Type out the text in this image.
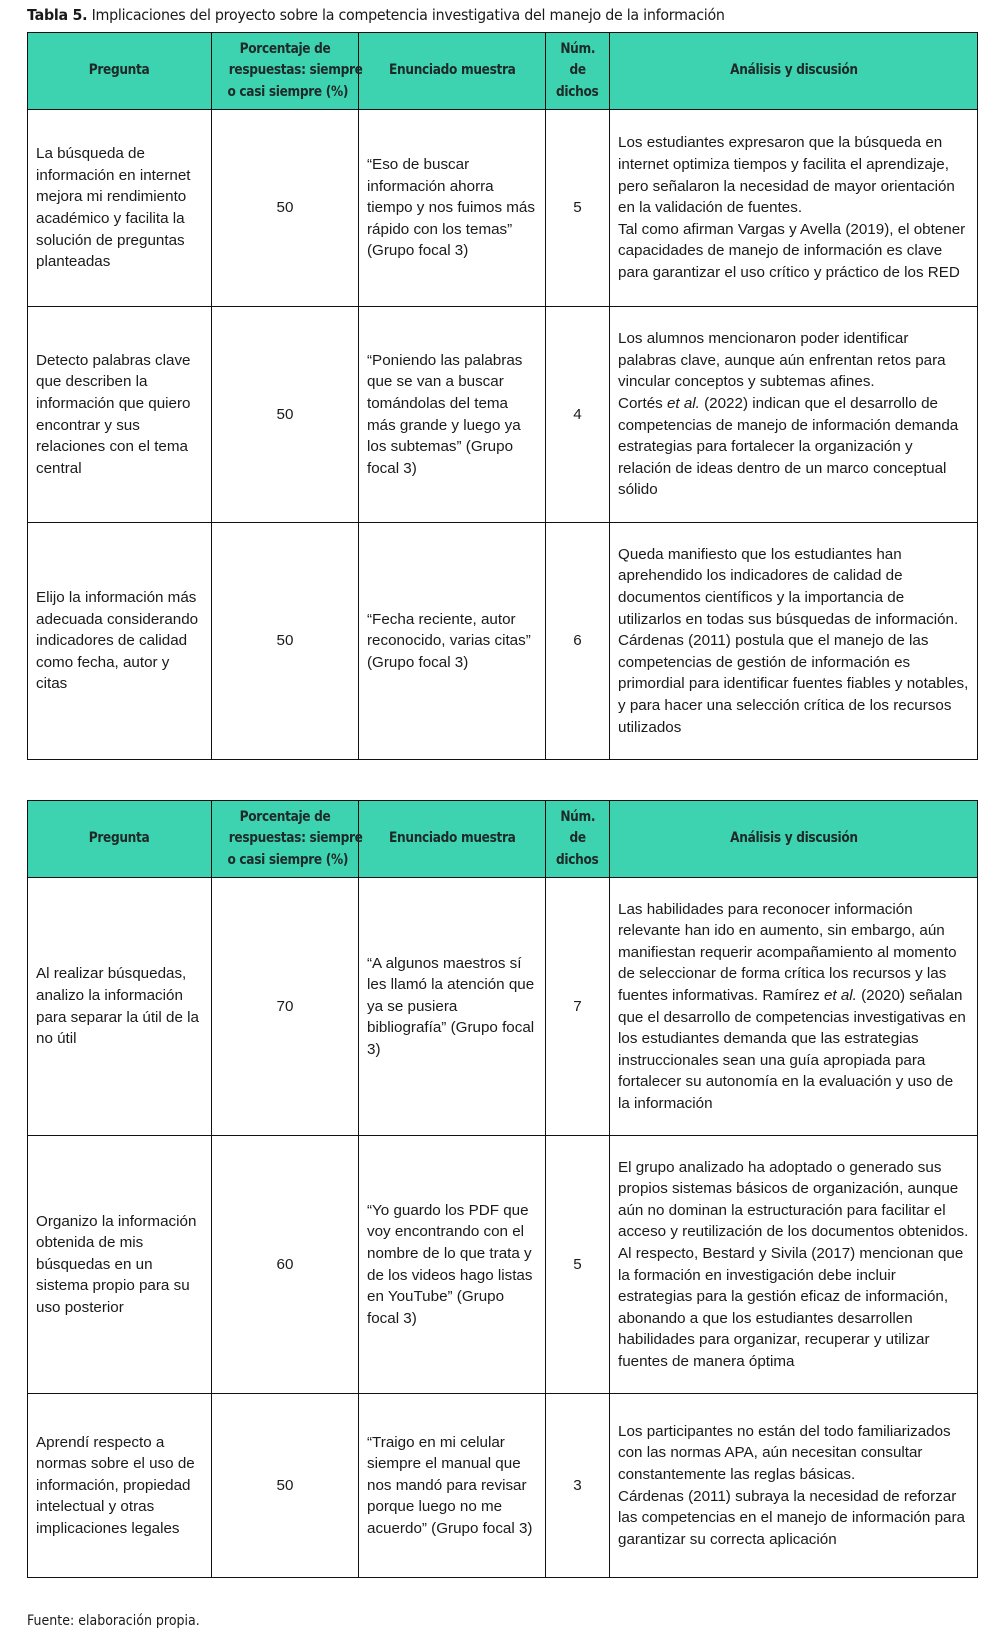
Tabla 5. Implicaciones del proyecto sobre la competencia investigativa del manejo de la información
Pregunta	Porcentaje de
respuestas: siempre
o casi siempre (%)	Enunciado muestra	Núm.
de
dichos	Análisis y discusión
La búsqueda de información en internet mejora mi rendimiento académico y facilita la solución de preguntas planteadas	50	“Eso de buscar información ahorra tiempo y nos fuimos más rápido con los temas” (Grupo focal 3)	5	Los estudiantes expresaron que la búsqueda en internet optimiza tiempos y facilita el aprendizaje, pero señalaron la necesidad de mayor orientación en la validación de fuentes.
Tal como afirman Vargas y Avella (2019), el obtener capacidades de manejo de información es clave para garantizar el uso crítico y práctico de los RED

Detecto palabras clave que describen la información que quiero encontrar y sus relaciones con el tema central	50	“Poniendo las palabras que se van a buscar tomándolas del tema más grande y luego ya los subtemas” (Grupo focal 3)	4	Los alumnos mencionaron poder identificar palabras clave, aunque aún enfrentan retos para vincular conceptos y subtemas afines.
Cortés et al. (2022) indican que el desarrollo de competencias de manejo de información demanda estrategias para fortalecer la organización y relación de ideas dentro de un marco conceptual sólido

Elijo la información más adecuada considerando indicadores de calidad como fecha, autor y citas	50	“Fecha reciente, autor reconocido, varias citas” (Grupo focal 3)	6	Queda manifiesto que los estudiantes han aprehendido los indicadores de calidad de documentos científicos y la importancia de utilizarlos en todas sus búsquedas de información.
Cárdenas (2011) postula que el manejo de las competencias de gestión de información es primordial para identificar fuentes fiables y notables, y para hacer una selección crítica de los recursos utilizados
Pregunta	Porcentaje de
respuestas: siempre
o casi siempre (%)	Enunciado muestra	Núm.
de
dichos	Análisis y discusión
Al realizar búsquedas, analizo la información para separar la útil de la no útil	70	“A algunos maestros sí les llamó la atención que ya se pusiera bibliografía” (Grupo focal 3)	7	Las habilidades para reconocer información relevante han ido en aumento, sin embargo, aún manifiestan requerir acompañamiento al momento de seleccionar de forma crítica los recursos y las fuentes informativas. Ramírez et al. (2020) señalan que el desarrollo de competencias investigativas en los estudiantes demanda que las estrategias instruccionales sean una guía apropiada para fortalecer su autonomía en la evaluación y uso de la información

Organizo la información obtenida de mis búsquedas en un sistema propio para su uso posterior	60	“Yo guardo los PDF que voy encontrando con el nombre de lo que trata y de los videos hago listas en YouTube” (Grupo focal 3)	5	El grupo analizado ha adoptado o generado sus propios sistemas básicos de organización, aunque aún no dominan la estructuración para facilitar el acceso y reutilización de los documentos obtenidos.
Al respecto, Bestard y Sivila (2017) mencionan que la formación en investigación debe incluir estrategias para la gestión eficaz de información, abonando a que los estudiantes desarrollen habilidades para organizar, recuperar y utilizar fuentes de manera óptima

Aprendí respecto a normas sobre el uso de información, propiedad intelectual y otras implicaciones legales	50	“Traigo en mi celular siempre el manual que nos mandó para revisar porque luego no me acuerdo” (Grupo focal 3)	3	Los participantes no están del todo familiarizados con las normas APA, aún necesitan consultar constantemente las reglas básicas.
Cárdenas (2011) subraya la necesidad de reforzar las competencias en el manejo de información para garantizar su correcta aplicación
Fuente: elaboración propia.
